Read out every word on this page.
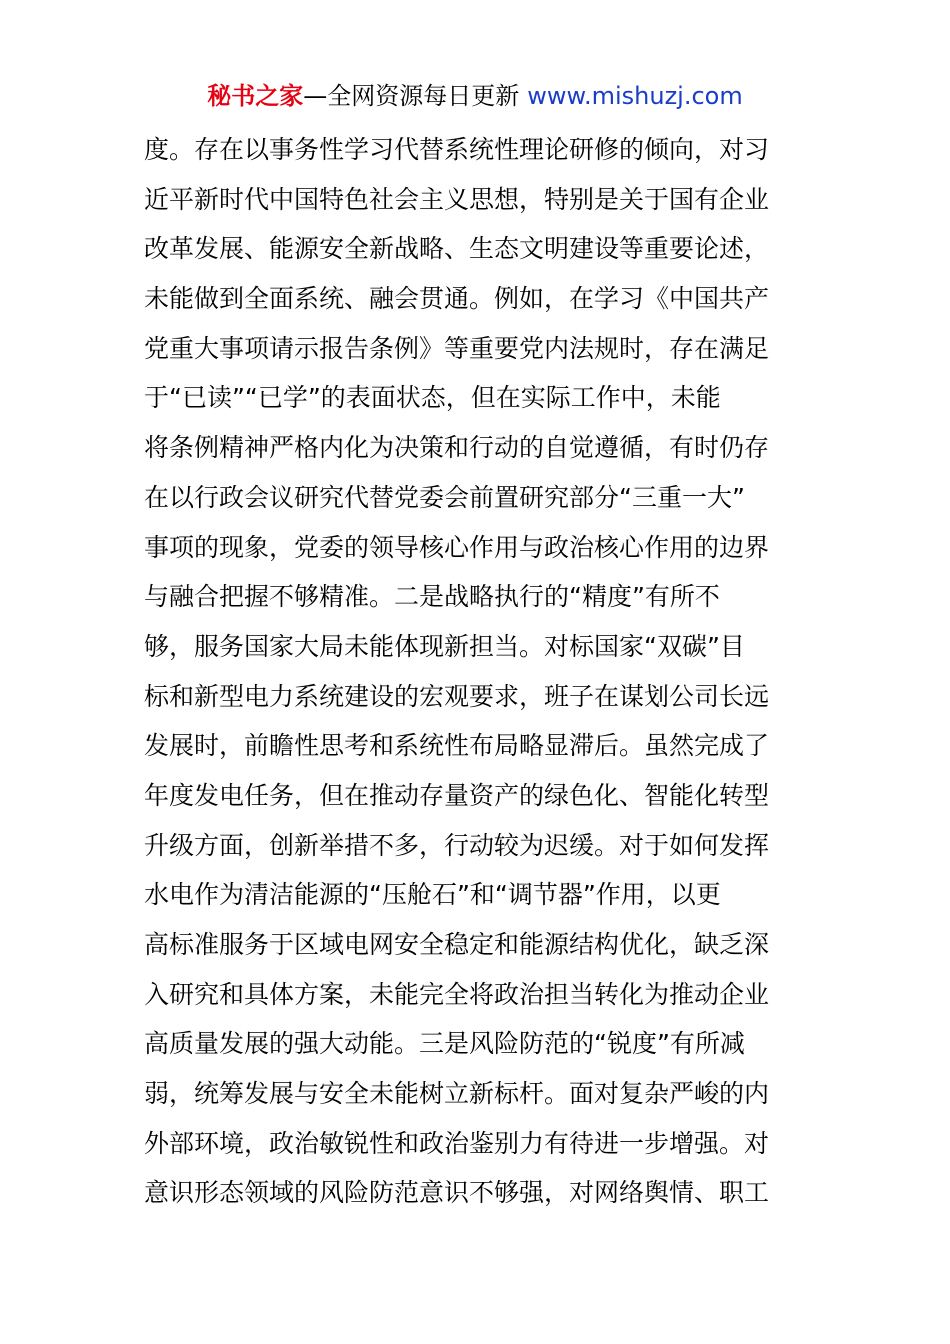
秘书之家—全网资源每日更新 www.mishuzj.com
度。存在以事务性学习代替系统性理论研修的倾向，对习
近平新时代中国特色社会主义思想，特别是关于国有企业
改革发展、能源安全新战略、生态文明建设等重要论述，
未能做到全面系统、融会贯通。例如，在学习《中国共产
党重大事项请示报告条例》等重要党内法规时，存在满足
于“已读”“已学”的表面状态，但在实际工作中，未能
将条例精神严格内化为决策和行动的自觉遵循，有时仍存
在以行政会议研究代替党委会前置研究部分“三重一大”
事项的现象，党委的领导核心作用与政治核心作用的边界
与融合把握不够精准。二是战略执行的“精度”有所不
够，服务国家大局未能体现新担当。对标国家“双碳”目
标和新型电力系统建设的宏观要求，班子在谋划公司长远
发展时，前瞻性思考和系统性布局略显滞后。虽然完成了
年度发电任务，但在推动存量资产的绿色化、智能化转型
升级方面，创新举措不多，行动较为迟缓。对于如何发挥
水电作为清洁能源的“压舱石”和“调节器”作用，以更
高标准服务于区域电网安全稳定和能源结构优化，缺乏深
入研究和具体方案，未能完全将政治担当转化为推动企业
高质量发展的强大动能。三是风险防范的“锐度”有所减
弱，统筹发展与安全未能树立新标杆。面对复杂严峻的内
外部环境，政治敏锐性和政治鉴别力有待进一步增强。对
意识形态领域的风险防范意识不够强，对网络舆情、职工
